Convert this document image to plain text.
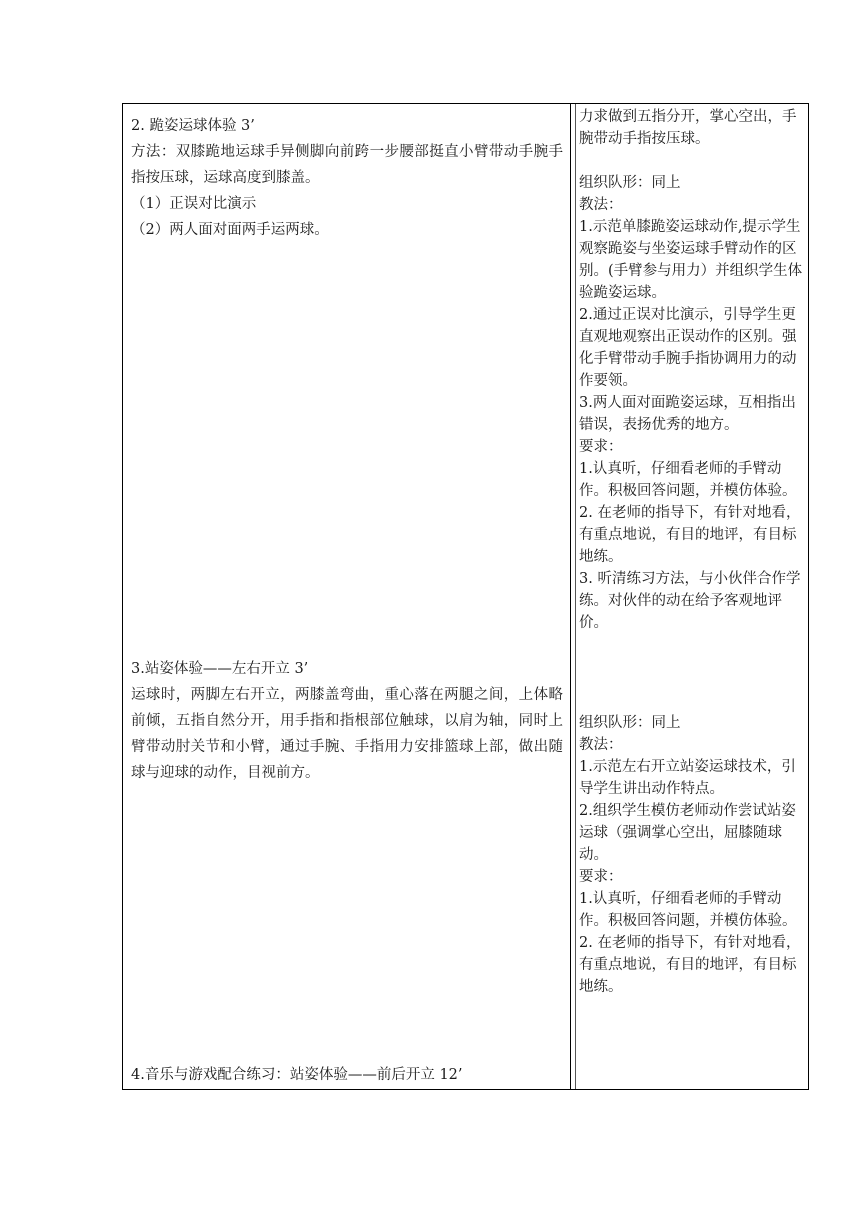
2. 跪姿运球体验 3’

方法：双膝跪地运球手异侧脚向前跨一步腰部挺直小臂带动手腕手指按压球，运球高度到膝盖。

（1）正误对比演示

（2）两人面对面两手运两球。

3.站姿体验——左右开立 3’

运球时，两脚左右开立，两膝盖弯曲，重心落在两腿之间，上体略前倾，五指自然分开，用手指和指根部位触球，以肩为轴，同时上臂带动肘关节和小臂，通过手腕、手指用力安排篮球上部，做出随球与迎球的动作，目视前方。

4.音乐与游戏配合练习：站姿体验——前后开立 12’

力求做到五指分开，掌心空出，手腕带动手指按压球。

组织队形：同上

教法：

1.示范单膝跪姿运球动作,提示学生观察跪姿与坐姿运球手臂动作的区别。(手臂参与用力）并组织学生体验跪姿运球。

2.通过正误对比演示，引导学生更直观地观察出正误动作的区别。强化手臂带动手腕手指协调用力的动作要领。

3.两人面对面跪姿运球，互相指出错误，表扬优秀的地方。

要求：

1.认真听，仔细看老师的手臂动作。积极回答问题，并模仿体验。

2. 在老师的指导下，有针对地看，有重点地说，有目的地评，有目标地练。

3. 听清练习方法，与小伙伴合作学练。对伙伴的动在给予客观地评价。

组织队形：同上

教法：

1.示范左右开立站姿运球技术，引导学生讲出动作特点。

2.组织学生模仿老师动作尝试站姿运球（强调掌心空出，屈膝随球动。

要求：

1.认真听，仔细看老师的手臂动作。积极回答问题，并模仿体验。

2. 在老师的指导下，有针对地看，有重点地说，有目的地评，有目标地练。
